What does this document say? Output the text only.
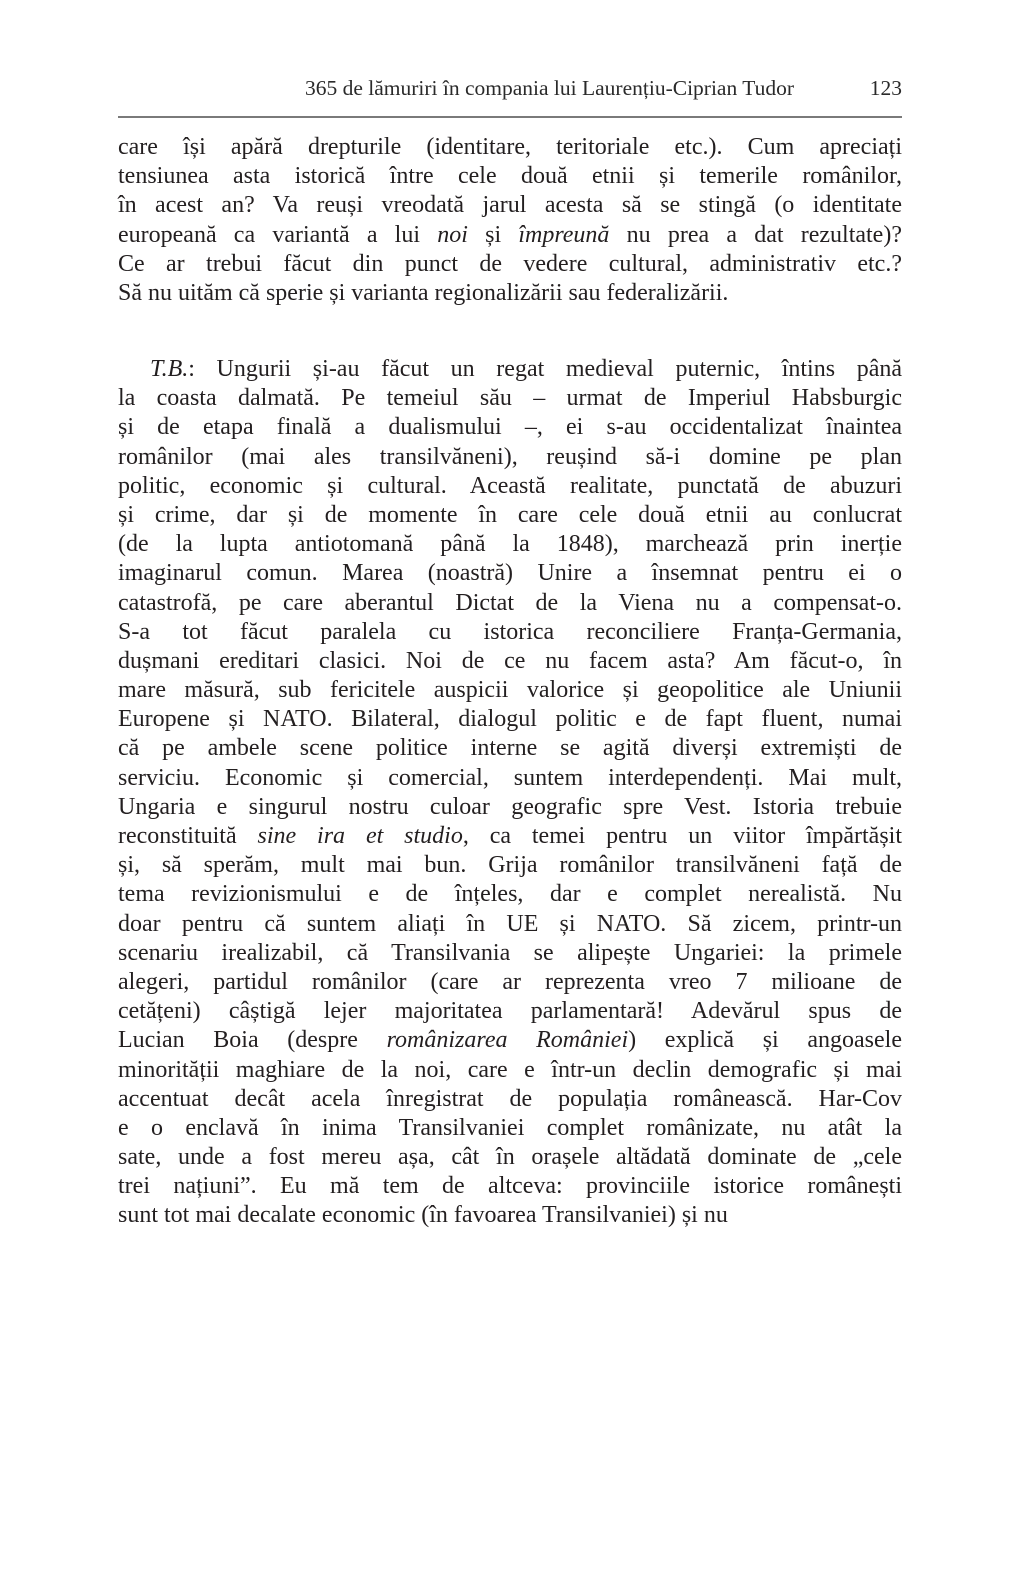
365 de lămuriri în compania lui Laurențiu-Ciprian Tudor	123

care își apără drepturile (identitare, teritoriale etc.). Cum apreciați
tensiunea asta istorică între cele două etnii și temerile românilor,
în acest an? Va reuși vreodată jarul acesta să se stingă (o identitate
europeană ca variantă a lui noi și împreună nu prea a dat rezultate)?
Ce ar trebui făcut din punct de vedere cultural, administrativ etc.?
Să nu uităm că sperie și varianta regionalizării sau federalizării.

T.B.: Ungurii și-au făcut un regat medieval puternic, întins până
la coasta dalmată. Pe temeiul său – urmat de Imperiul Habsburgic
și de etapa finală a dualismului –, ei s-au occidentalizat înaintea
românilor (mai ales transilvăneni), reușind să-i domine pe plan
politic, economic și cultural. Această realitate, punctată de abuzuri
și crime, dar și de momente în care cele două etnii au conlucrat
(de la lupta antiotomană până la 1848), marchează prin inerție
imaginarul comun. Marea (noastră) Unire a însemnat pentru ei o
catastrofă, pe care aberantul Dictat de la Viena nu a compensat-o.
S-a tot făcut paralela cu istorica reconciliere Franța-Germania,
dușmani ereditari clasici. Noi de ce nu facem asta? Am făcut-o, în
mare măsură, sub fericitele auspicii valorice și geopolitice ale Uniunii
Europene și NATO. Bilateral, dialogul politic e de fapt fluent, numai
că pe ambele scene politice interne se agită diverși extremiști de
serviciu. Economic și comercial, suntem interdependenți. Mai mult,
Ungaria e singurul nostru culoar geografic spre Vest. Istoria trebuie
reconstituită sine ira et studio, ca temei pentru un viitor împărtășit
și, să sperăm, mult mai bun. Grija românilor transilvăneni față de
tema revizionismului e de înțeles, dar e complet nerealistă. Nu
doar pentru că suntem aliați în UE și NATO. Să zicem, printr-un
scenariu irealizabil, că Transilvania se alipește Ungariei: la primele
alegeri, partidul românilor (care ar reprezenta vreo 7 milioane de
cetățeni) câștigă lejer majoritatea parlamentară! Adevărul spus de
Lucian Boia (despre românizarea României) explică și angoasele
minorității maghiare de la noi, care e într-un declin demografic și mai
accentuat decât acela înregistrat de populația românească. Har-Cov
e o enclavă în inima Transilvaniei complet românizate, nu atât la
sate, unde a fost mereu așa, cât în orașele altădată dominate de „cele
trei națiuni”. Eu mă tem de altceva: provinciile istorice românești
sunt tot mai decalate economic (în favoarea Transilvaniei) și nu
